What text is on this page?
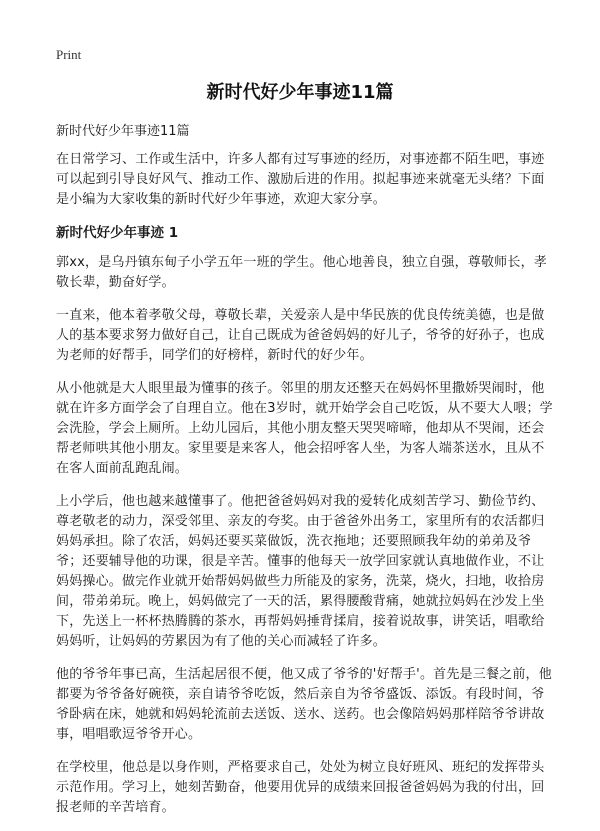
Print
新时代好少年事迹11篇

新时代好少年事迹11篇

在日常学习、工作或生活中，许多人都有过写事迹的经历，对事迹都不陌生吧，事迹可以起到引导良好风气、推动工作、激励后进的作用。拟起事迹来就毫无头绪？下面是小编为大家收集的新时代好少年事迹，欢迎大家分享。

新时代好少年事迹 1

郭xx，是乌丹镇东甸子小学五年一班的学生。他心地善良，独立自强，尊敬师长，孝敬长辈，勤奋好学。

一直来，他本着孝敬父母，尊敬长辈，关爱亲人是中华民族的优良传统美德，也是做人的基本要求努力做好自己，让自己既成为爸爸妈妈的好儿子，爷爷的好孙子，也成为老师的好帮手，同学们的好榜样，新时代的好少年。

从小他就是大人眼里最为懂事的孩子。邻里的朋友还整天在妈妈怀里撒娇哭闹时，他就在许多方面学会了自理自立。他在3岁时，就开始学会自己吃饭，从不要大人喂；学会洗脸，学会上厕所。上幼儿园后，其他小朋友整天哭哭啼啼，他却从不哭闹，还会帮老师哄其他小朋友。家里要是来客人，他会招呼客人坐，为客人端茶送水，且从不在客人面前乱跑乱闹。

上小学后，他也越来越懂事了。他把爸爸妈妈对我的爱转化成刻苦学习、勤俭节约、尊老敬老的动力，深受邻里、亲友的夸奖。由于爸爸外出务工，家里所有的农活都归妈妈承担。除了农活，妈妈还要买菜做饭，洗衣拖地；还要照顾我年幼的弟弟及爷爷；还要辅导他的功课，很是辛苦。懂事的他每天一放学回家就认真地做作业，不让妈妈操心。做完作业就开始帮妈妈做些力所能及的家务，洗菜，烧火，扫地，收拾房间，带弟弟玩。晚上，妈妈做完了一天的活，累得腰酸背痛，她就拉妈妈在沙发上坐下，先送上一杯杯热腾腾的茶水，再帮妈妈捶背揉肩，接着说故事，讲笑话，唱歌给妈妈听，让妈妈的劳累因为有了他的关心而减轻了许多。

他的爷爷年事已高，生活起居很不便，他又成了爷爷的'好帮手'。首先是三餐之前，他都要为爷爷备好碗筷，亲自请爷爷吃饭，然后亲自为爷爷盛饭、添饭。有段时间，爷爷卧病在床，她就和妈妈轮流前去送饭、送水、送药。也会像陪妈妈那样陪爷爷讲故事，唱唱歌逗爷爷开心。

在学校里，他总是以身作则，严格要求自己，处处为树立良好班风、班纪的发挥带头示范作用。学习上，她刻苦勤奋，他要用优异的成绩来回报爸爸妈妈为我的付出，回报老师的辛苦培育。
